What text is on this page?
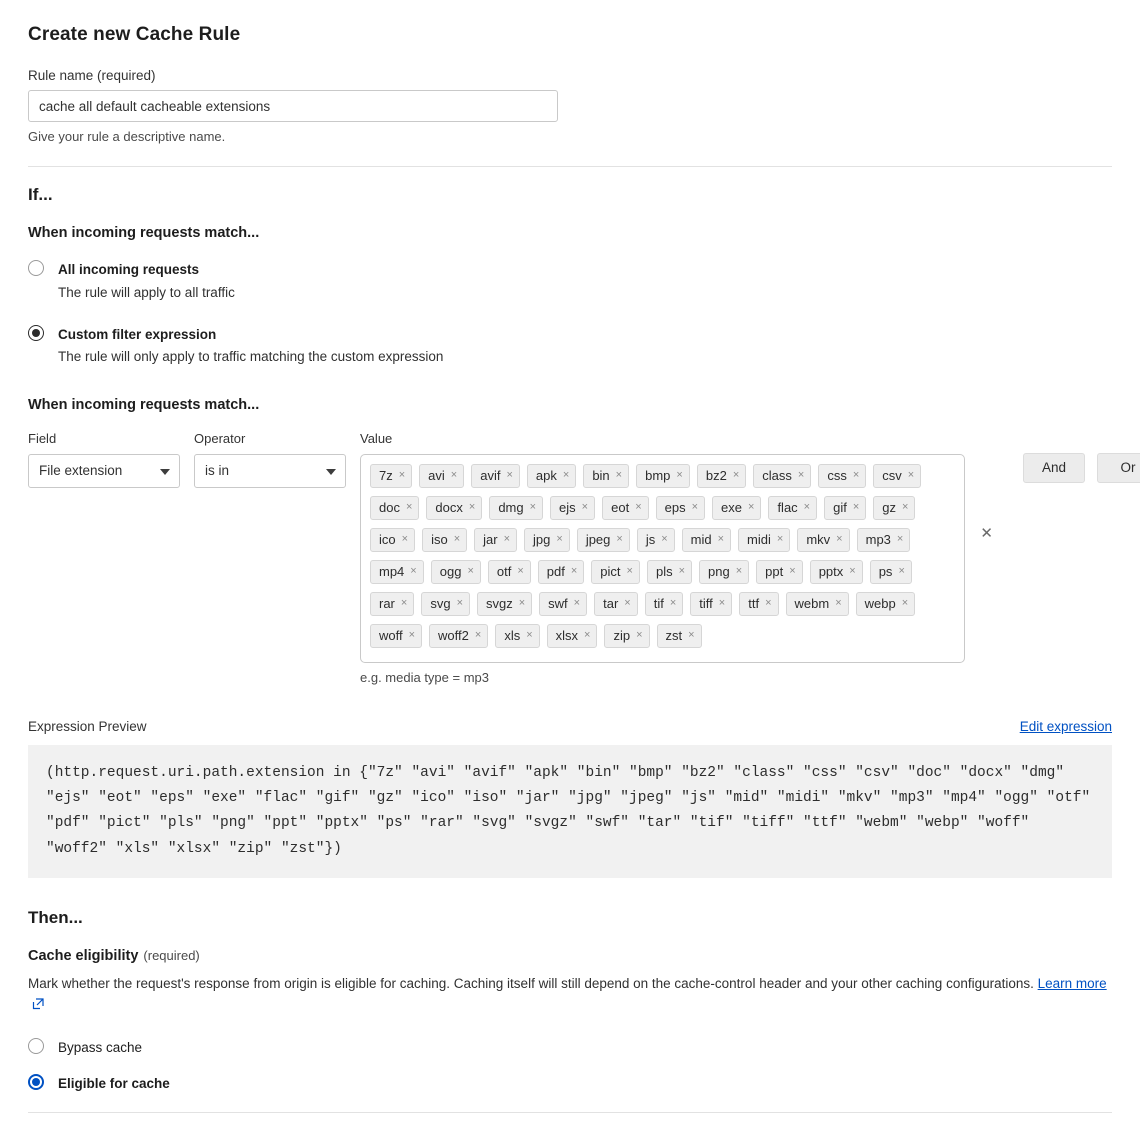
Create new Cache Rule
Rule name (required)
cache all default cacheable extensions
Give your rule a descriptive name.
If...
When incoming requests match...
All incoming requests
The rule will apply to all traffic
Custom filter expression
The rule will only apply to traffic matching the custom expression
When incoming requests match...
Field
File extension
Operator
is in
Value
7z × avi × avif × apk × bin × bmp × bz2 × class × css × csv ×
doc × docx × dmg × ejs × eot × eps × exe × flac × gif × gz ×
ico × iso × jar × jpg × jpeg × js × mid × midi × mkv × mp3 ×
mp4 × ogg × otf × pdf × pict × pls × png × ppt × pptx × ps ×
rar × svg × svgz × swf × tar × tif × tiff × ttf × webm × webp ×
woff × woff2 × xls × xlsx × zip × zst ×
✕
e.g. media type = mp3
And	Or
Expression Preview	Edit expression
(http.request.uri.path.extension in {"7z" "avi" "avif" "apk" "bin" "bmp" "bz2" "class" "css" "csv" "doc" "docx" "dmg" "ejs" "eot" "eps" "exe" "flac" "gif" "gz" "ico" "iso" "jar" "jpg" "jpeg" "js" "mid" "midi" "mkv" "mp3" "mp4" "ogg" "otf" "pdf" "pict" "pls" "png" "ppt" "pptx" "ps" "rar" "svg" "svgz" "swf" "tar" "tif" "tiff" "ttf" "webm" "webp" "woff" "woff2" "xls" "xlsx" "zip" "zst"})
Then...
Cache eligibility (required)
Mark whether the request's response from origin is eligible for caching. Caching itself will still depend on the cache-control header and your other caching configurations. Learn more
Bypass cache
Eligible for cache
